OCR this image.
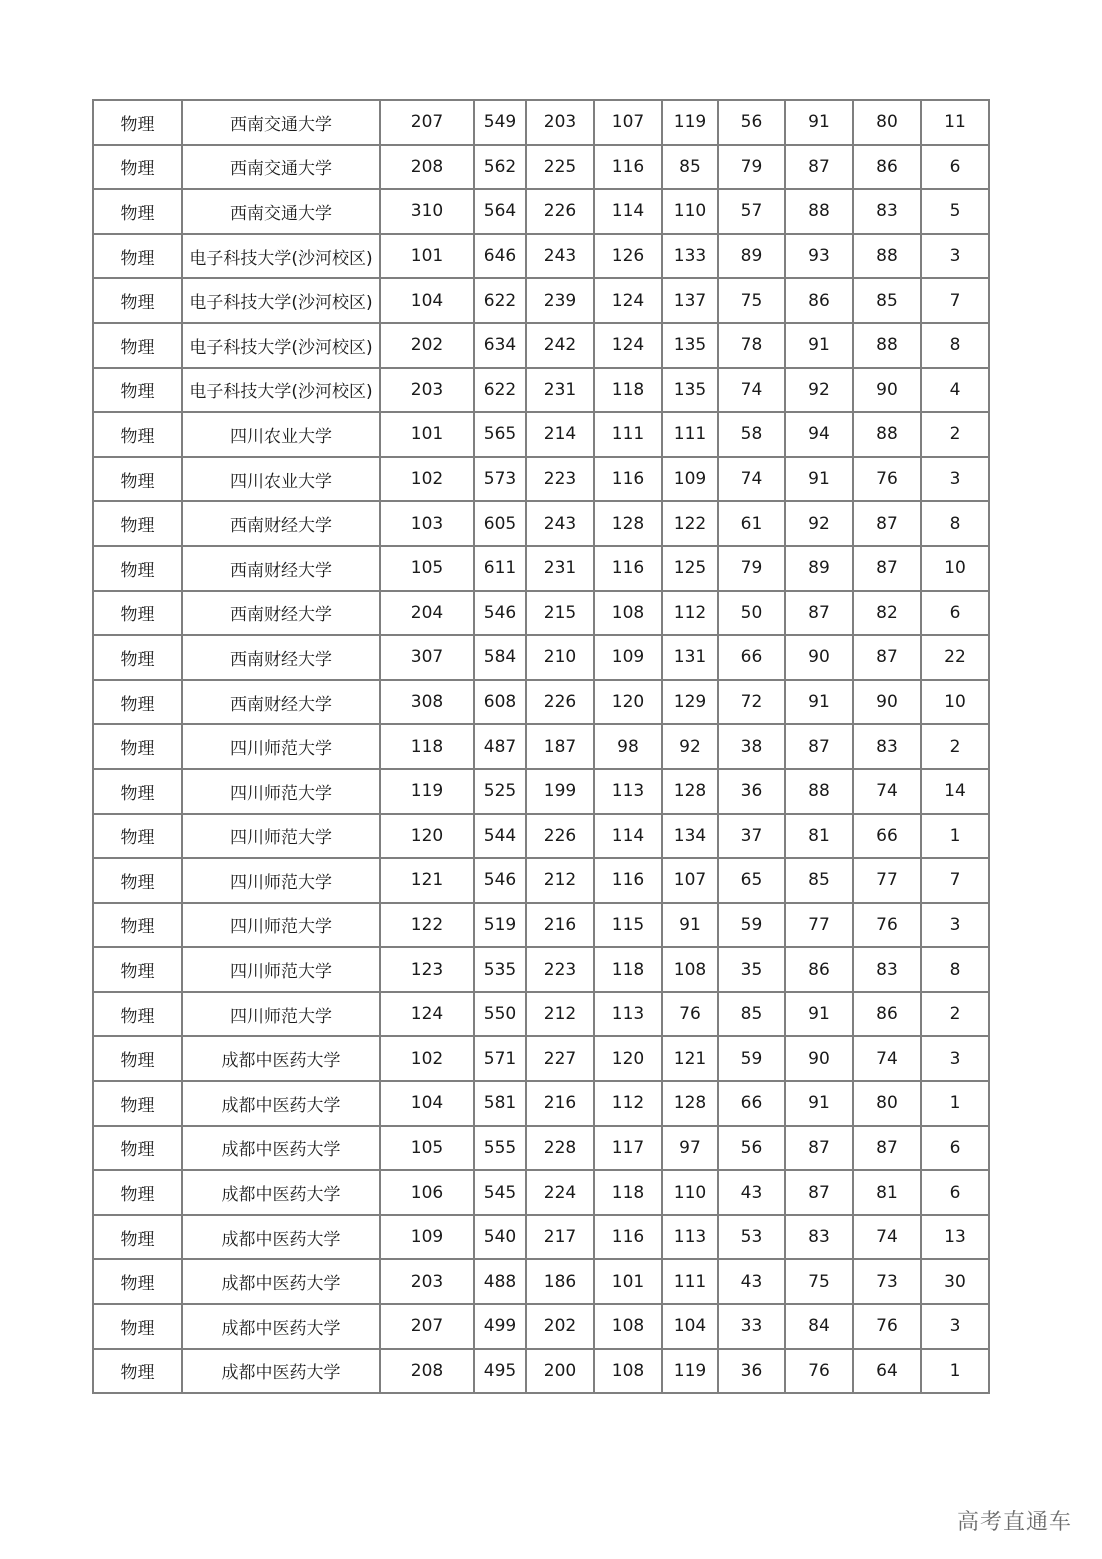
物理	西南交通大学	207	549	203	107	119	56	91	80	11
物理	西南交通大学	208	562	225	116	85	79	87	86	6
物理	西南交通大学	310	564	226	114	110	57	88	83	5
物理	电子科技大学(沙河校区)	101	646	243	126	133	89	93	88	3
物理	电子科技大学(沙河校区)	104	622	239	124	137	75	86	85	7
物理	电子科技大学(沙河校区)	202	634	242	124	135	78	91	88	8
物理	电子科技大学(沙河校区)	203	622	231	118	135	74	92	90	4
物理	四川农业大学	101	565	214	111	111	58	94	88	2
物理	四川农业大学	102	573	223	116	109	74	91	76	3
物理	西南财经大学	103	605	243	128	122	61	92	87	8
物理	西南财经大学	105	611	231	116	125	79	89	87	10
物理	西南财经大学	204	546	215	108	112	50	87	82	6
物理	西南财经大学	307	584	210	109	131	66	90	87	22
物理	西南财经大学	308	608	226	120	129	72	91	90	10
物理	四川师范大学	118	487	187	98	92	38	87	83	2
物理	四川师范大学	119	525	199	113	128	36	88	74	14
物理	四川师范大学	120	544	226	114	134	37	81	66	1
物理	四川师范大学	121	546	212	116	107	65	85	77	7
物理	四川师范大学	122	519	216	115	91	59	77	76	3
物理	四川师范大学	123	535	223	118	108	35	86	83	8
物理	四川师范大学	124	550	212	113	76	85	91	86	2
物理	成都中医药大学	102	571	227	120	121	59	90	74	3
物理	成都中医药大学	104	581	216	112	128	66	91	80	1
物理	成都中医药大学	105	555	228	117	97	56	87	87	6
物理	成都中医药大学	106	545	224	118	110	43	87	81	6
物理	成都中医药大学	109	540	217	116	113	53	83	74	13
物理	成都中医药大学	203	488	186	101	111	43	75	73	30
物理	成都中医药大学	207	499	202	108	104	33	84	76	3
物理	成都中医药大学	208	495	200	108	119	36	76	64	1
高考直通车
